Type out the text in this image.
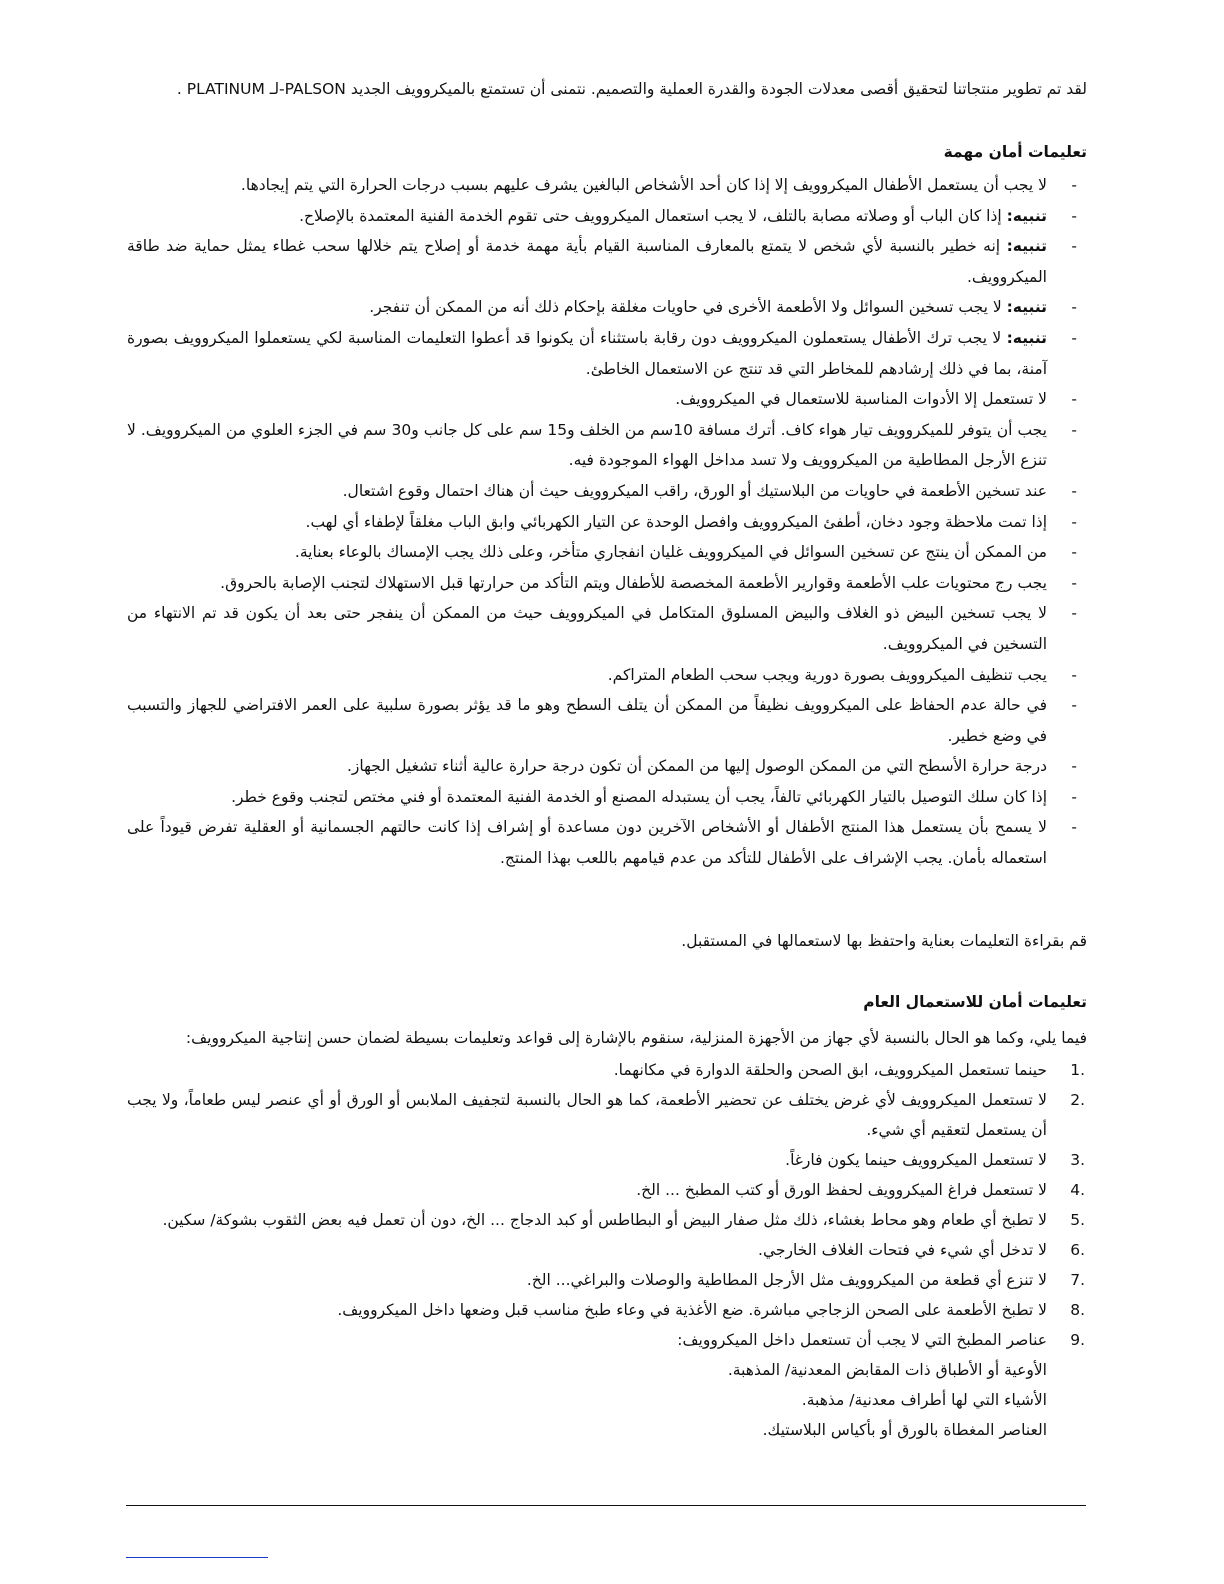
لقد تم تطوير منتجاتنا لتحقيق أقصى معدلات الجودة والقدرة العملية والتصميم. نتمنى أن تستمتع بالميكروويف الجديد PALSON-لـ PLATINUM .
تعليمات أمان مهمة
- لا يجب أن يستعمل الأطفال الميكروويف إلا إذا كان أحد الأشخاص البالغين يشرف عليهم بسبب درجات الحرارة التي يتم إيجادها.
- تنبيه: إذا كان الباب أو وصلاته مصابة بالتلف، لا يجب استعمال الميكروويف حتى تقوم الخدمة الفنية المعتمدة بالإصلاح.
- تنبيه: إنه خطير بالنسبة لأي شخص لا يتمتع بالمعارف المناسبة القيام بأية مهمة خدمة أو إصلاح يتم خلالها سحب غطاء يمثل حماية ضد طاقة الميكروويف.
- تنبيه: لا يجب تسخين السوائل ولا الأطعمة الأخرى في حاويات مغلقة بإحكام ذلك أنه من الممكن أن تنفجر.
- تنبيه: لا يجب ترك الأطفال يستعملون الميكروويف دون رقابة باستثناء أن يكونوا قد أعطوا التعليمات المناسبة لكي يستعملوا الميكروويف بصورة آمنة، بما في ذلك إرشادهم للمخاطر التي قد تنتج عن الاستعمال الخاطئ.
- لا تستعمل إلا الأدوات المناسبة للاستعمال في الميكروويف.
- يجب أن يتوفر للميكروويف تيار هواء كاف. أترك مسافة 10سم من الخلف و15 سم على كل جانب و30 سم في الجزء العلوي من الميكروويف. لا تنزع الأرجل المطاطية من الميكروويف ولا تسد مداخل الهواء الموجودة فيه.
- عند تسخين الأطعمة في حاويات من البلاستيك أو الورق، راقب الميكروويف حيث أن هناك احتمال وقوع اشتعال.
- إذا تمت ملاحظة وجود دخان، أطفئ الميكروويف وافصل الوحدة عن التيار الكهربائي وابق الباب مغلقاً لإطفاء أي لهب.
- من الممكن أن ينتج عن تسخين السوائل في الميكروويف غليان انفجاري متأخر، وعلى ذلك يجب الإمساك بالوعاء بعناية.
- يجب رج محتويات علب الأطعمة وقوارير الأطعمة المخصصة للأطفال ويتم التأكد من حرارتها قبل الاستهلاك لتجنب الإصابة بالحروق.
- لا يجب تسخين البيض ذو الغلاف والبيض المسلوق المتكامل في الميكروويف حيث من الممكن أن ينفجر حتى بعد أن يكون قد تم الانتهاء من التسخين في الميكروويف.
- يجب تنظيف الميكروويف بصورة دورية ويجب سحب الطعام المتراكم.
- في حالة عدم الحفاظ على الميكروويف نظيفاً من الممكن أن يتلف السطح وهو ما قد يؤثر بصورة سلبية على العمر الافتراضي للجهاز والتسبب في وضع خطير.
- درجة حرارة الأسطح التي من الممكن الوصول إليها من الممكن أن تكون درجة حرارة عالية أثناء تشغيل الجهاز.
- إذا كان سلك التوصيل بالتيار الكهربائي تالفاً، يجب أن يستبدله المصنع أو الخدمة الفنية المعتمدة أو فني مختص لتجنب وقوع خطر.
- لا يسمح بأن يستعمل هذا المنتج الأطفال أو الأشخاص الآخرين دون مساعدة أو إشراف إذا كانت حالتهم الجسمانية أو العقلية تفرض قيوداً على استعماله بأمان. يجب الإشراف على الأطفال للتأكد من عدم قيامهم باللعب بهذا المنتج.
قم بقراءة التعليمات بعناية واحتفظ بها لاستعمالها في المستقبل.
تعليمات أمان للاستعمال العام
فيما يلي، وكما هو الحال بالنسبة لأي جهاز من الأجهزة المنزلية، سنقوم بالإشارة إلى قواعد وتعليمات بسيطة لضمان حسن إنتاجية الميكروويف:
1.
حينما تستعمل الميكروويف، ابق الصحن والحلقة الدوارة في مكانهما.
2.
لا تستعمل الميكروويف لأي غرض يختلف عن تحضير الأطعمة، كما هو الحال بالنسبة لتجفيف الملابس أو الورق أو أي عنصر ليس طعاماً، ولا يجب أن يستعمل لتعقيم أي شيء.
3.
لا تستعمل الميكروويف حينما يكون فارغاً.
4.
لا تستعمل فراغ الميكروويف لحفظ الورق أو كتب المطبخ ... الخ.
5.
لا تطبخ أي طعام وهو محاط بغشاء، ذلك مثل صفار البيض أو البطاطس أو كبد الدجاج ... الخ، دون أن تعمل فيه بعض الثقوب بشوكة/ سكين.
6.
لا تدخل أي شيء في فتحات الغلاف الخارجي.
7.
لا تنزع أي قطعة من الميكروويف مثل الأرجل المطاطية والوصلات والبراغي... الخ.
8.
لا تطبخ الأطعمة على الصحن الزجاجي مباشرة. ضع الأغذية في وعاء طبخ مناسب قبل وضعها داخل الميكروويف.
9.
عناصر المطبخ التي لا يجب أن تستعمل داخل الميكروويف:
الأوعية أو الأطباق ذات المقابض المعدنية/ المذهبة.
الأشياء التي لها أطراف معدنية/ مذهبة.
العناصر المغطاة بالورق أو بأكياس البلاستيك.
